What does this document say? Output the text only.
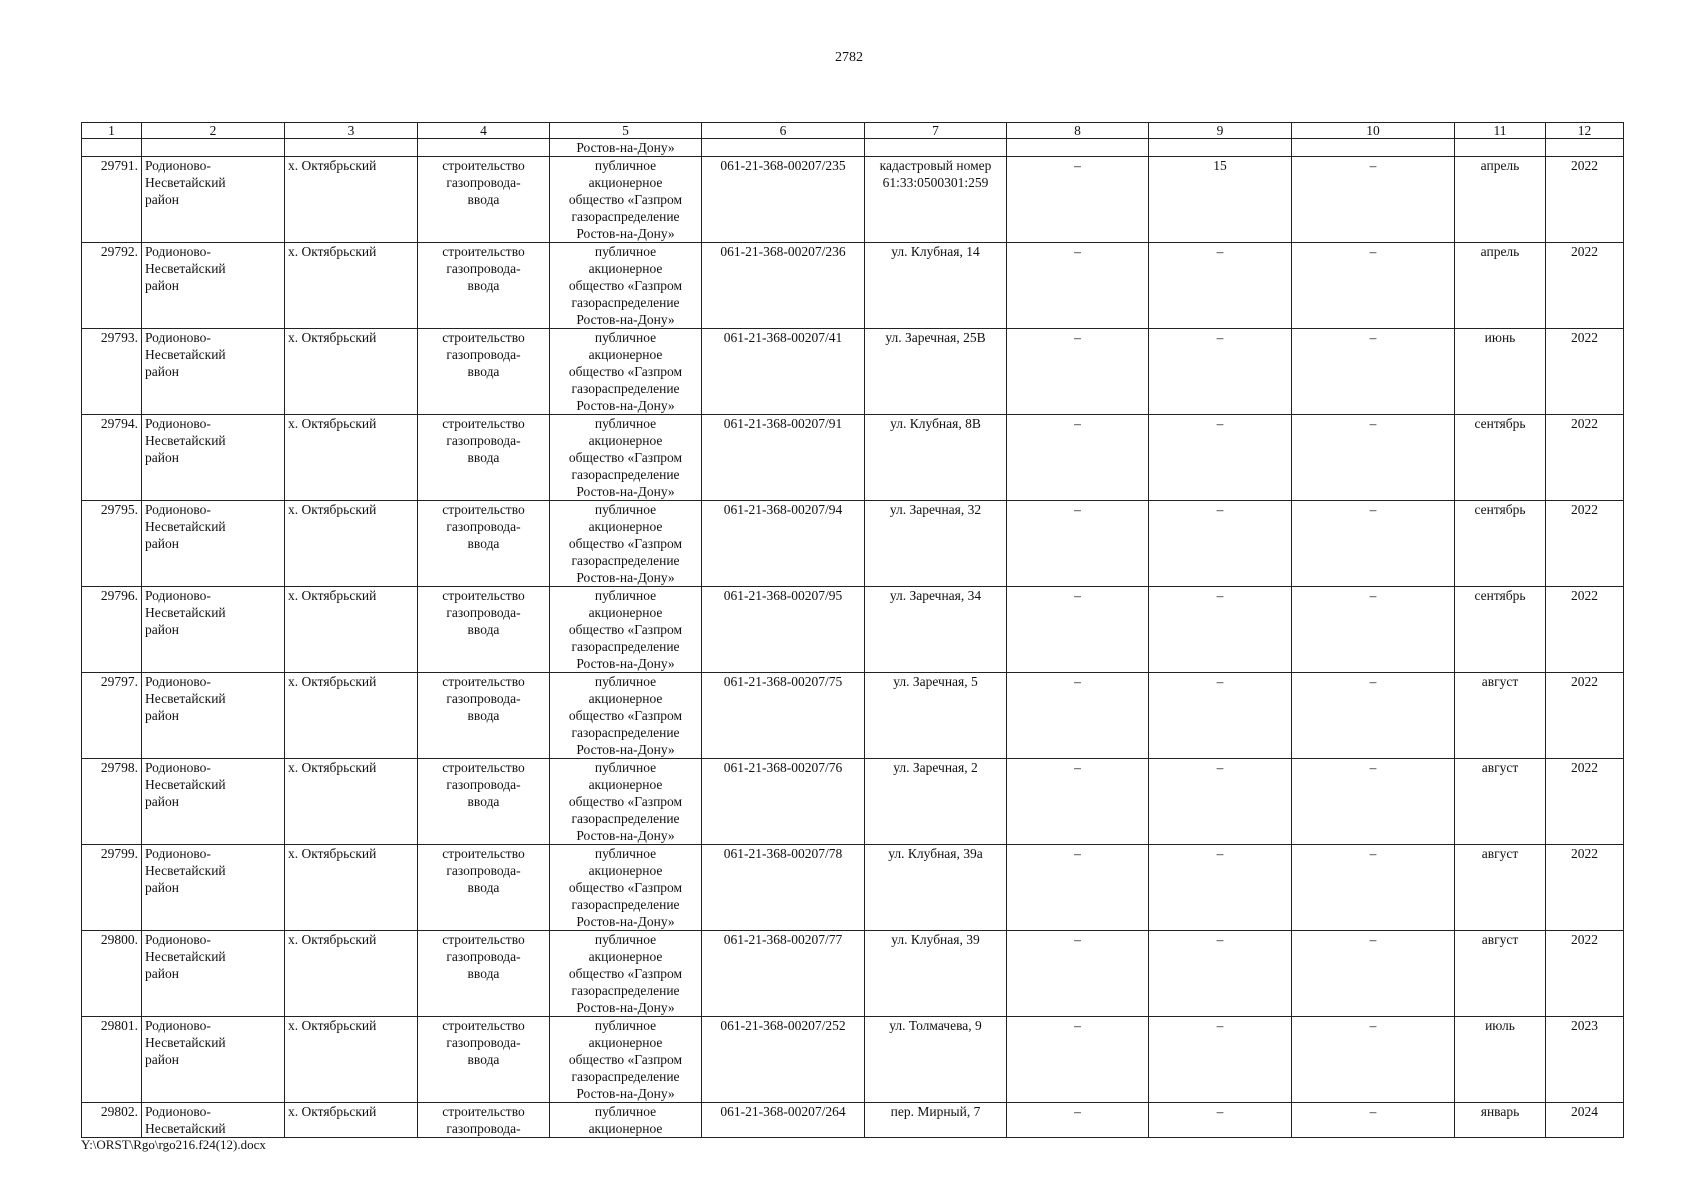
2782
1	2	3	4	5	6	7	8	9	10	11	12
				Ростов-на-Дону»							
29791.	Родионово-
Несветайский
район	х. Октябрьский	строительство
газопровода-
ввода	публичное
акционерное
общество «Газпром
газораспределение
Ростов-на-Дону»	061-21-368-00207/235	кадастровый номер
61:33:0500301:259	–	15	–	апрель	2022
29792.	Родионово-
Несветайский
район	х. Октябрьский	строительство
газопровода-
ввода	публичное
акционерное
общество «Газпром
газораспределение
Ростов-на-Дону»	061-21-368-00207/236	ул. Клубная, 14	–	–	–	апрель	2022
29793.	Родионово-
Несветайский
район	х. Октябрьский	строительство
газопровода-
ввода	публичное
акционерное
общество «Газпром
газораспределение
Ростов-на-Дону»	061-21-368-00207/41	ул. Заречная, 25В	–	–	–	июнь	2022
29794.	Родионово-
Несветайский
район	х. Октябрьский	строительство
газопровода-
ввода	публичное
акционерное
общество «Газпром
газораспределение
Ростов-на-Дону»	061-21-368-00207/91	ул. Клубная, 8В	–	–	–	сентябрь	2022
29795.	Родионово-
Несветайский
район	х. Октябрьский	строительство
газопровода-
ввода	публичное
акционерное
общество «Газпром
газораспределение
Ростов-на-Дону»	061-21-368-00207/94	ул. Заречная, 32	–	–	–	сентябрь	2022
29796.	Родионово-
Несветайский
район	х. Октябрьский	строительство
газопровода-
ввода	публичное
акционерное
общество «Газпром
газораспределение
Ростов-на-Дону»	061-21-368-00207/95	ул. Заречная, 34	–	–	–	сентябрь	2022
29797.	Родионово-
Несветайский
район	х. Октябрьский	строительство
газопровода-
ввода	публичное
акционерное
общество «Газпром
газораспределение
Ростов-на-Дону»	061-21-368-00207/75	ул. Заречная, 5	–	–	–	август	2022
29798.	Родионово-
Несветайский
район	х. Октябрьский	строительство
газопровода-
ввода	публичное
акционерное
общество «Газпром
газораспределение
Ростов-на-Дону»	061-21-368-00207/76	ул. Заречная, 2	–	–	–	август	2022
29799.	Родионово-
Несветайский
район	х. Октябрьский	строительство
газопровода-
ввода	публичное
акционерное
общество «Газпром
газораспределение
Ростов-на-Дону»	061-21-368-00207/78	ул. Клубная, 39а	–	–	–	август	2022
29800.	Родионово-
Несветайский
район	х. Октябрьский	строительство
газопровода-
ввода	публичное
акционерное
общество «Газпром
газораспределение
Ростов-на-Дону»	061-21-368-00207/77	ул. Клубная, 39	–	–	–	август	2022
29801.	Родионово-
Несветайский
район	х. Октябрьский	строительство
газопровода-
ввода	публичное
акционерное
общество «Газпром
газораспределение
Ростов-на-Дону»	061-21-368-00207/252	ул. Толмачева, 9	–	–	–	июль	2023
29802.	Родионово-
Несветайский	х. Октябрьский	строительство
газопровода-	публичное
акционерное	061-21-368-00207/264	пер. Мирный, 7	–	–	–	январь	2024
Y:\ORST\Rgo\rgo216.f24(12).docx
